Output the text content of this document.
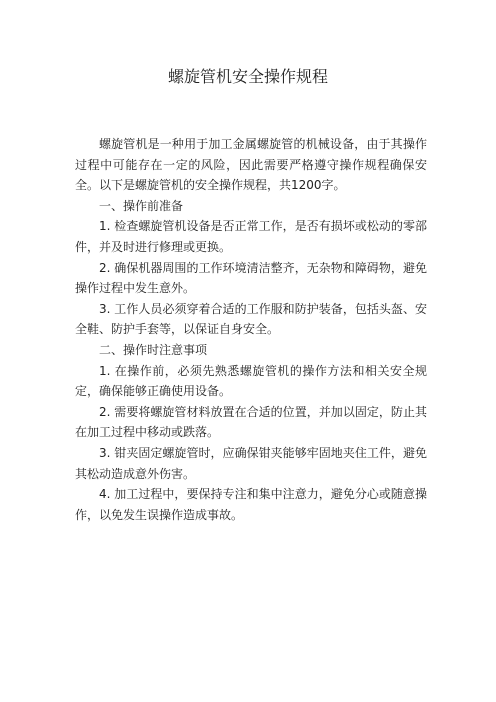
螺旋管机安全操作规程

螺旋管机是一种用于加工金属螺旋管的机械设备，由于其操作过程中可能存在一定的风险，因此需要严格遵守操作规程确保安全。以下是螺旋管机的安全操作规程，共1200字。

一、操作前准备

1. 检查螺旋管机设备是否正常工作，是否有损坏或松动的零部件，并及时进行修理或更换。

2. 确保机器周围的工作环境清洁整齐，无杂物和障碍物，避免操作过程中发生意外。

3. 工作人员必须穿着合适的工作服和防护装备，包括头盔、安全鞋、防护手套等，以保证自身安全。

二、操作时注意事项

1. 在操作前，必须先熟悉螺旋管机的操作方法和相关安全规定，确保能够正确使用设备。

2. 需要将螺旋管材料放置在合适的位置，并加以固定，防止其在加工过程中移动或跌落。

3. 钳夹固定螺旋管时，应确保钳夹能够牢固地夹住工件，避免其松动造成意外伤害。

4. 加工过程中，要保持专注和集中注意力，避免分心或随意操作，以免发生误操作造成事故。
